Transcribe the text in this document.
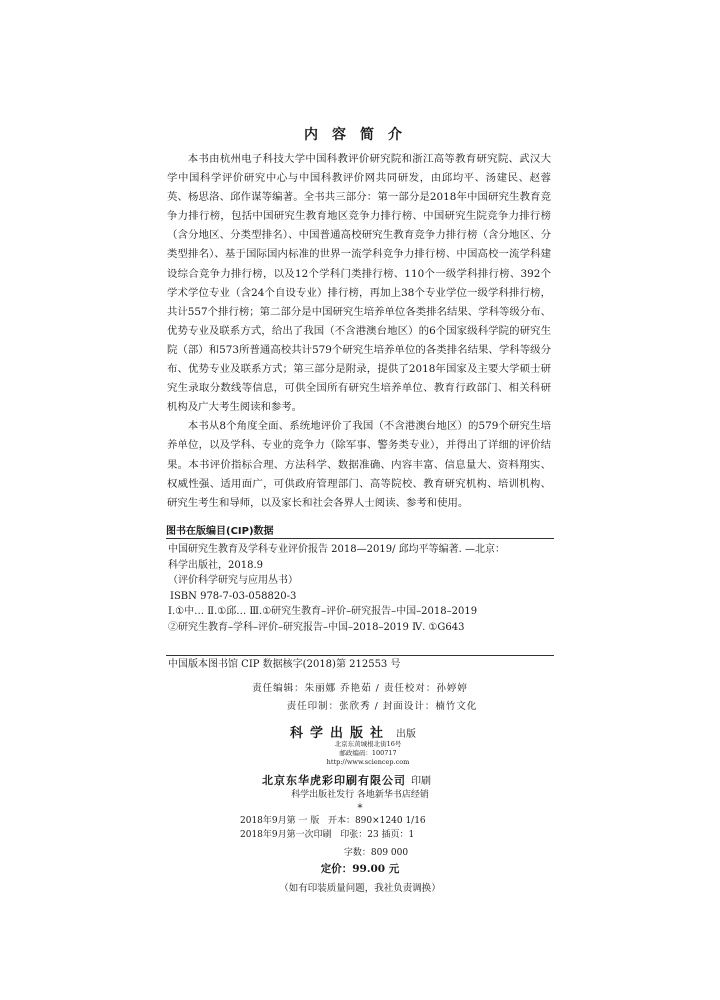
内容简介

本书由杭州电子科技大学中国科教评价研究院和浙江高等教育研究院、武汉大学中国科学评价研究中心与中国科教评价网共同研发，由邱均平、汤建民、赵蓉英、杨思洛、邱作谋等编著。全书共三部分：第一部分是2018年中国研究生教育竞争力排行榜，包括中国研究生教育地区竞争力排行榜、中国研究生院竞争力排行榜（含分地区、分类型排名）、中国普通高校研究生教育竞争力排行榜（含分地区、分类型排名）、基于国际国内标准的世界一流学科竞争力排行榜、中国高校一流学科建设综合竞争力排行榜，以及12个学科门类排行榜、110个一级学科排行榜、392个学术学位专业（含24个自设专业）排行榜，再加上38个专业学位一级学科排行榜，共计557个排行榜；第二部分是中国研究生培养单位各类排名结果、学科等级分布、优势专业及联系方式，给出了我国（不含港澳台地区）的6个国家级科学院的研究生院（部）和573所普通高校共计579个研究生培养单位的各类排名结果、学科等级分布、优势专业及联系方式；第三部分是附录，提供了2018年国家及主要大学硕士研究生录取分数线等信息，可供全国所有研究生培养单位、教育行政部门、相关科研机构及广大考生阅读和参考。

本书从8个角度全面、系统地评价了我国（不含港澳台地区）的579个研究生培养单位，以及学科、专业的竞争力（除军事、警务类专业），并得出了详细的评价结果。本书评价指标合理、方法科学、数据准确、内容丰富、信息量大、资料翔实、权威性强、适用面广，可供政府管理部门、高等院校、教育研究机构、培训机构、研究生考生和导师，以及家长和社会各界人士阅读、参考和使用。

图书在版编目(CIP)数据
中国研究生教育及学科专业评价报告 2018—2019/ 邱均平等编著. —北京：
科学出版社，2018.9
（评价科学研究与应用丛书）
ISBN 978-7-03-058820-3
Ⅰ.①中… Ⅱ.①邱… Ⅲ.①研究生教育–评价–研究报告–中国–2018–2019
②研究生教育–学科–评价–研究报告–中国–2018–2019 Ⅳ. ①G643
中国版本图书馆 CIP 数据核字(2018)第 212553 号
责任编辑：朱丽娜 乔艳茹 / 责任校对：孙婷婷
责任印制：张欣秀 / 封面设计：楠竹文化
科学出版社 出版
北京东黄城根北街16号
邮政编码：100717
http://www.sciencep.com
北京东华虎彩印刷有限公司 印刷
科学出版社发行 各地新华书店经销
*
2018年9月第 一 版 开本：890×1240 1/16
2018年9月第一次印刷 印张：23 插页：1
字数：809 000
定价：99.00 元
（如有印装质量问题，我社负责调换）
